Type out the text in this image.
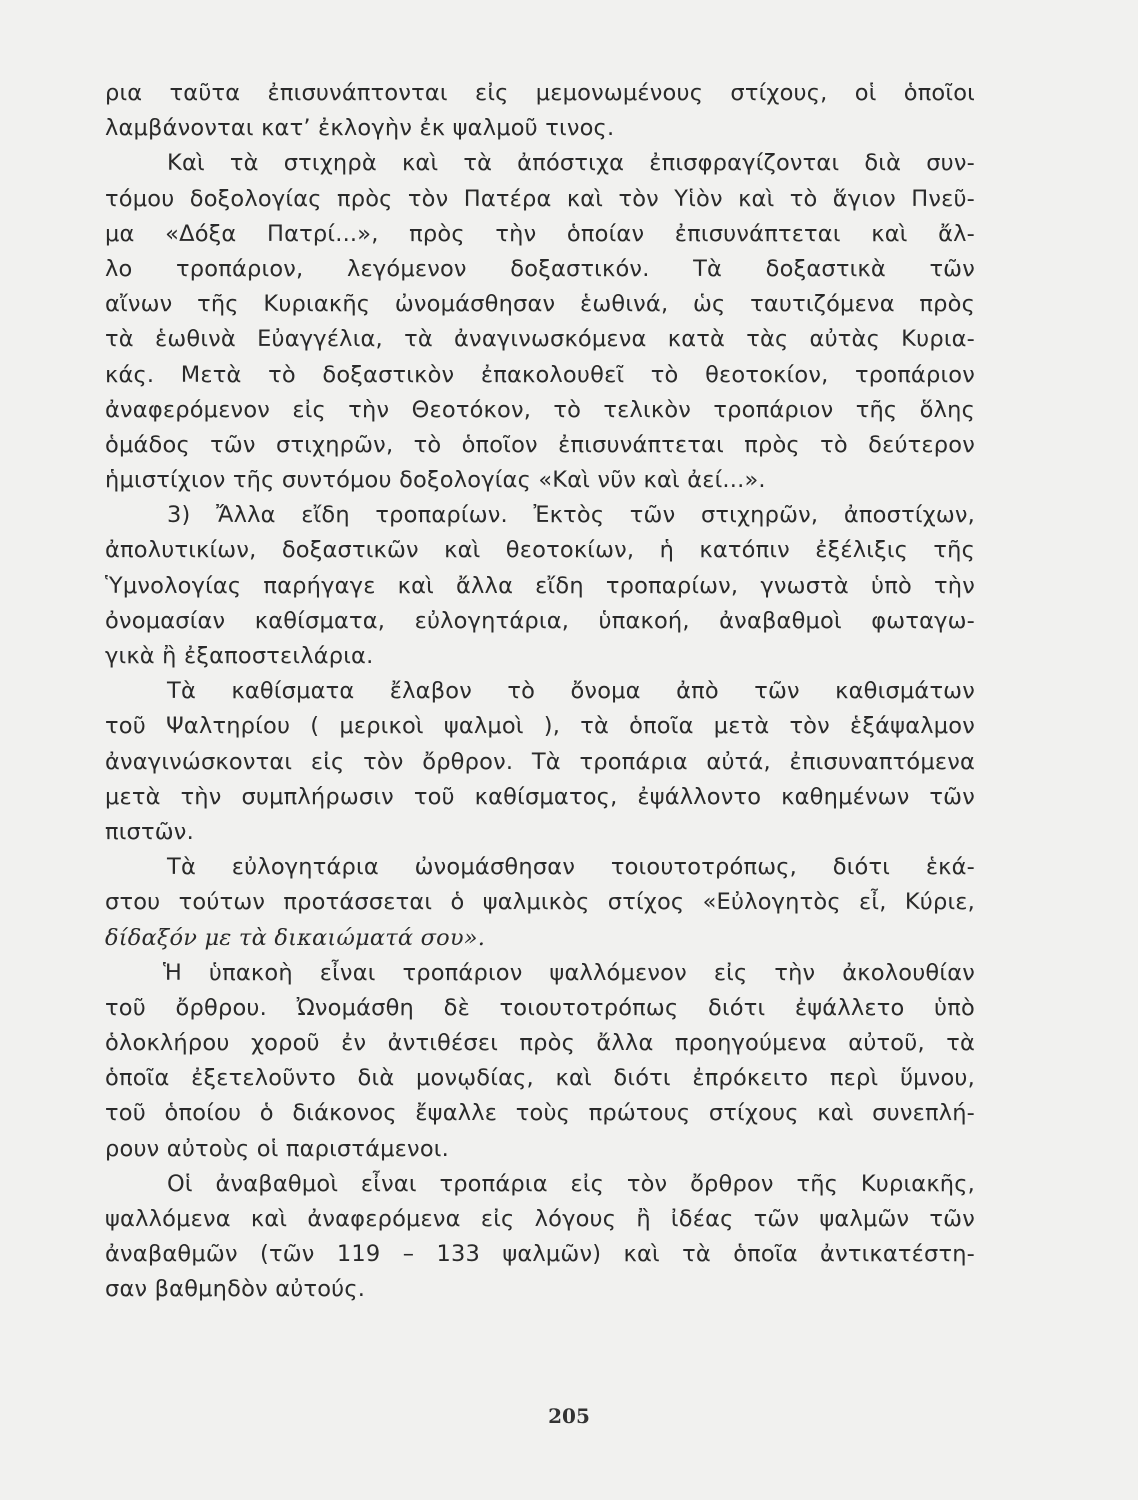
ρια ταῦτα ἐπισυνάπτονται εἰς μεμονωμένους στίχους, οἱ ὁποῖοι
λαμβάνονται κατ’ ἐκλογὴν ἐκ ψαλμοῦ τινος.
Καὶ τὰ στιχηρὰ καὶ τὰ ἀπόστιχα ἐπισφραγίζονται διὰ συν-
τόμου δοξολογίας πρὸς τὸν Πατέρα καὶ τὸν Υἱὸν καὶ τὸ ἅγιον Πνεῦ-
μα «Δόξα Πατρί...», πρὸς τὴν ὁποίαν ἐπισυνάπτεται καὶ ἄλ-
λο τροπάριον, λεγόμενον δοξαστικόν. Τὰ δοξαστικὰ τῶν
αἴνων τῆς Κυριακῆς ὠνομάσθησαν ἑωθινά, ὡς ταυτιζόμενα πρὸς
τὰ ἑωθινὰ Εὐαγγέλια, τὰ ἀναγινωσκόμενα κατὰ τὰς αὐτὰς Κυρια-
κάς. Μετὰ τὸ δοξαστικὸν ἐπακολουθεῖ τὸ θεοτοκίον, τροπάριον
ἀναφερόμενον εἰς τὴν Θεοτόκον, τὸ τελικὸν τροπάριον τῆς ὅλης
ὁμάδος τῶν στιχηρῶν, τὸ ὁποῖον ἐπισυνάπτεται πρὸς τὸ δεύτερον
ἡμιστίχιον τῆς συντόμου δοξολογίας «Καὶ νῦν καὶ ἀεί...».
3) Ἄλλα εἴδη τροπαρίων. Ἐκτὸς τῶν στιχηρῶν, ἀποστίχων,
ἀπολυτικίων, δοξαστικῶν καὶ θεοτοκίων, ἡ κατόπιν ἐξέλιξις τῆς
Ὑμνολογίας παρήγαγε καὶ ἄλλα εἴδη τροπαρίων, γνωστὰ ὑπὸ τὴν
ὀνομασίαν καθίσματα, εὐλογητάρια, ὑπακοή, ἀναβαθμοὶ φωταγω-
γικὰ ἢ ἐξαποστειλάρια.
Τὰ καθίσματα ἔλαβον τὸ ὄνομα ἀπὸ τῶν καθισμάτων
τοῦ Ψαλτηρίου ( μερικοὶ ψαλμοὶ ), τὰ ὁποῖα μετὰ τὸν ἑξάψαλμον
ἀναγινώσκονται εἰς τὸν ὄρθρον. Τὰ τροπάρια αὐτά, ἐπισυναπτόμενα
μετὰ τὴν συμπλήρωσιν τοῦ καθίσματος, ἐψάλλοντο καθημένων τῶν
πιστῶν.
Τὰ εὐλογητάρια ὠνομάσθησαν τοιουτοτρόπως, διότι ἑκά-
στου τούτων προτάσσεται ὁ ψαλμικὸς στίχος «Εὐλογητὸς εἶ, Κύριε,
δίδαξόν με τὰ δικαιώματά σου».
Ἡ ὑπακοὴ εἶναι τροπάριον ψαλλόμενον εἰς τὴν ἀκολουθίαν
τοῦ ὄρθρου. Ὠνομάσθη δὲ τοιουτοτρόπως διότι ἐψάλλετο ὑπὸ
ὁλοκλήρου χοροῦ ἐν ἀντιθέσει πρὸς ἄλλα προηγούμενα αὐτοῦ, τὰ
ὁποῖα ἐξετελοῦντο διὰ μονῳδίας, καὶ διότι ἐπρόκειτο περὶ ὕμνου,
τοῦ ὁποίου ὁ διάκονος ἔψαλλε τοὺς πρώτους στίχους καὶ συνεπλή-
ρουν αὐτοὺς οἱ παριστάμενοι.
Οἱ ἀναβαθμοὶ εἶναι τροπάρια εἰς τὸν ὄρθρον τῆς Κυριακῆς,
ψαλλόμενα καὶ ἀναφερόμενα εἰς λόγους ἢ ἰδέας τῶν ψαλμῶν τῶν
ἀναβαθμῶν (τῶν 119 – 133 ψαλμῶν) καὶ τὰ ὁποῖα ἀντικατέστη-
σαν βαθμηδὸν αὐτούς.
205
